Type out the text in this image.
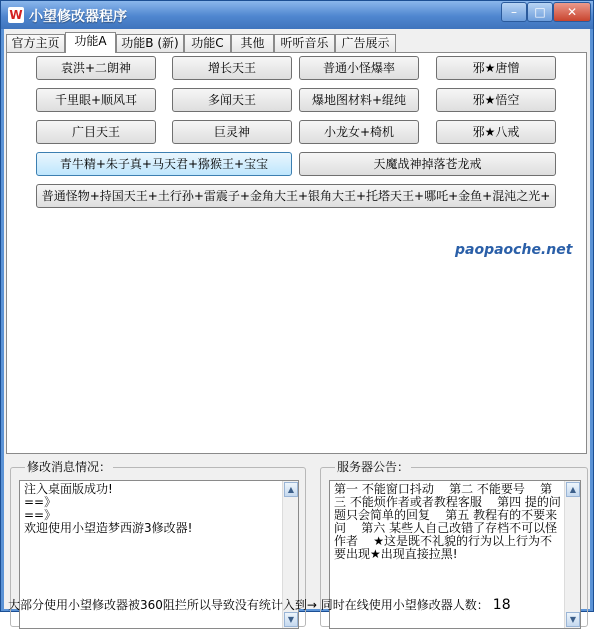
W 小望修改器程序	–	□	✕
官方主页	功能A	功能B (新)	功能C	其他	听听音乐	广告展示
袁洪+二朗神	增长天王	普通小怪爆率	邪★唐憎
千里眼+顺风耳	多闻天王	爆地图材料+绲纯	邪★悟空
广目天王	巨灵神	小龙女+椅机	邪★八戒
青牛精+朱子真+马天君+猕猴王+宝宝	天魔战神掉落苍龙戒
普通怪物+持国天王+土行孙+雷震子+金角大王+银角大王+托塔天王+哪吒+金鱼+混沌之光+
paopaoche.net
修改消息情况：
注入桌面版成功!
==》
==》
欢迎使用小望造梦西游3修改器!
▲
▼
服务器公告：
第一 不能窗口抖动    第二 不能要号    第三 不能烦作者或者教程客服    第四 提的问题只会简单的回复    第五 教程有的不要来问    第六 某些人自己改错了存档不可以怪作者    ★这是既不礼貌的行为以上行为不要出现★出现直接拉黑!
▲
▼
大部分使用小望修改器被360阻拦所以导致没有统计入到→ 同时在线使用小望修改器人数： 18
